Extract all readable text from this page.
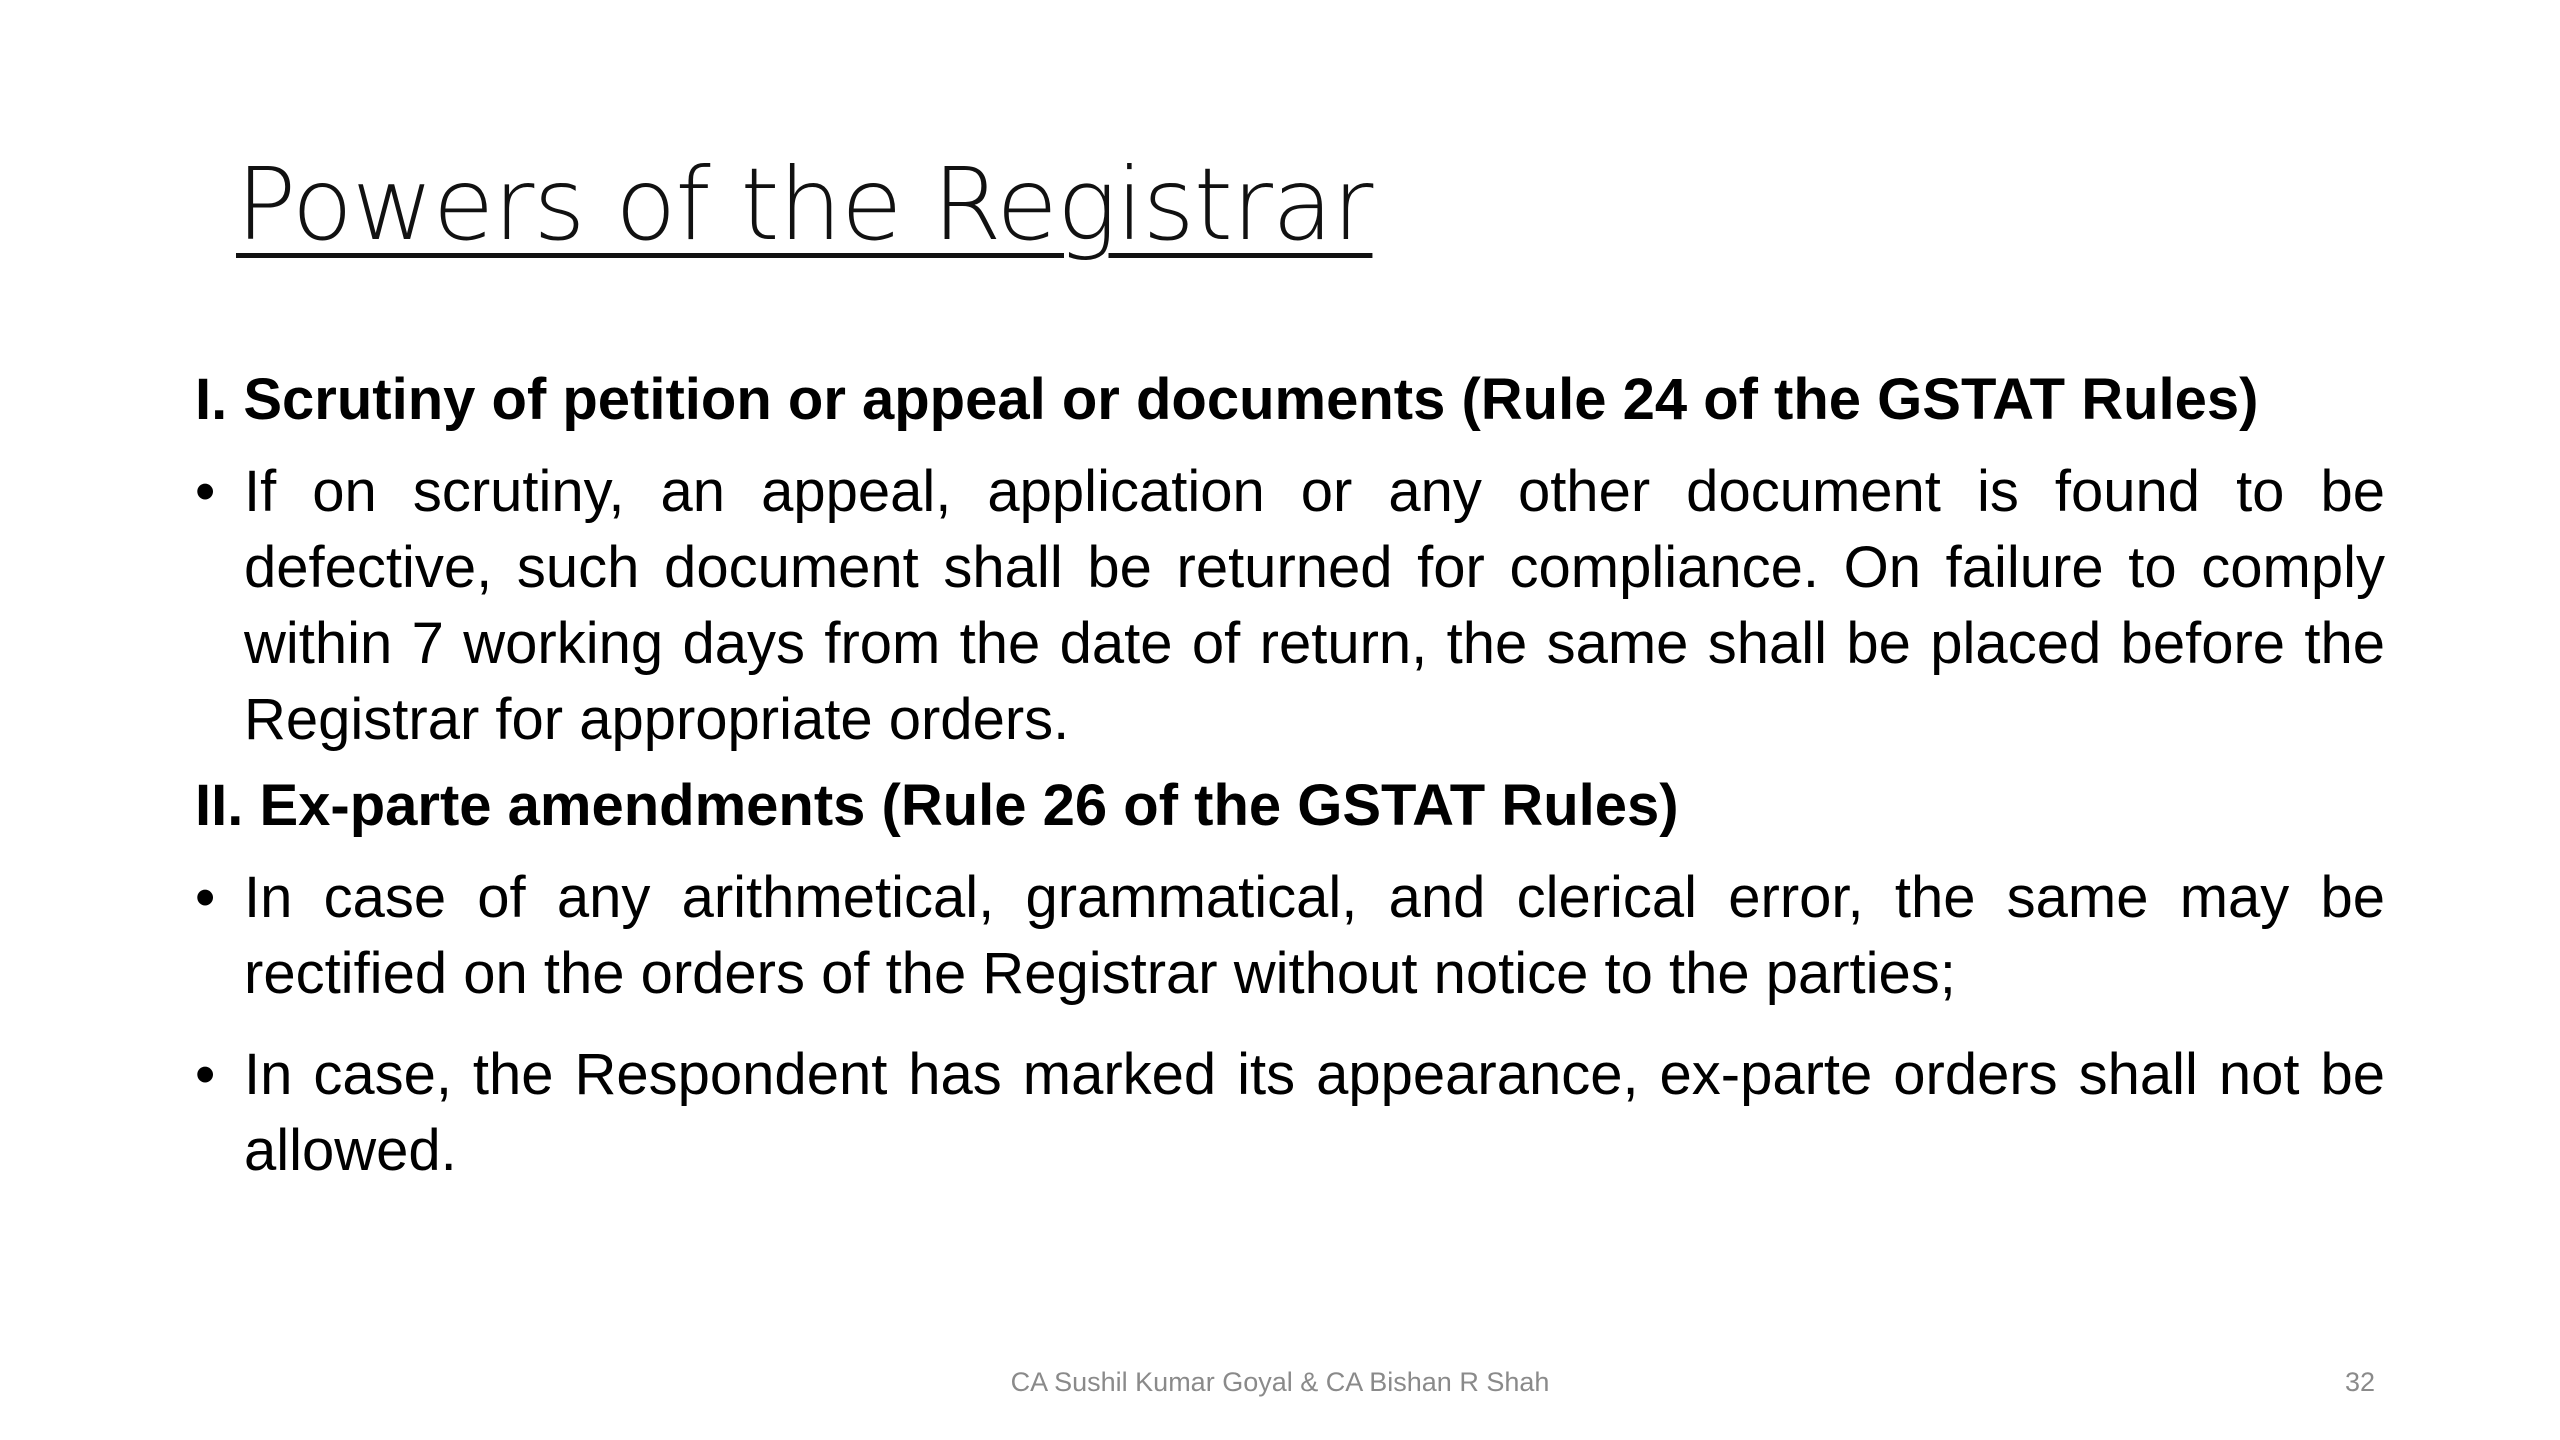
Powers of the Registrar
I. Scrutiny of petition or appeal or documents (Rule 24 of the GSTAT Rules)
• If on scrutiny, an appeal, application or any other document is found to be defective, such document shall be returned for compliance. On failure to comply within 7 working days from the date of return, the same shall be placed before the Registrar for appropriate orders.
II. Ex-parte amendments (Rule 26 of the GSTAT Rules)
• In case of any arithmetical, grammatical, and clerical error, the same may be rectified on the orders of the Registrar without notice to the parties;
• In case, the Respondent has marked its appearance, ex-parte orders shall not be allowed.
CA Sushil Kumar Goyal & CA Bishan R Shah	32
